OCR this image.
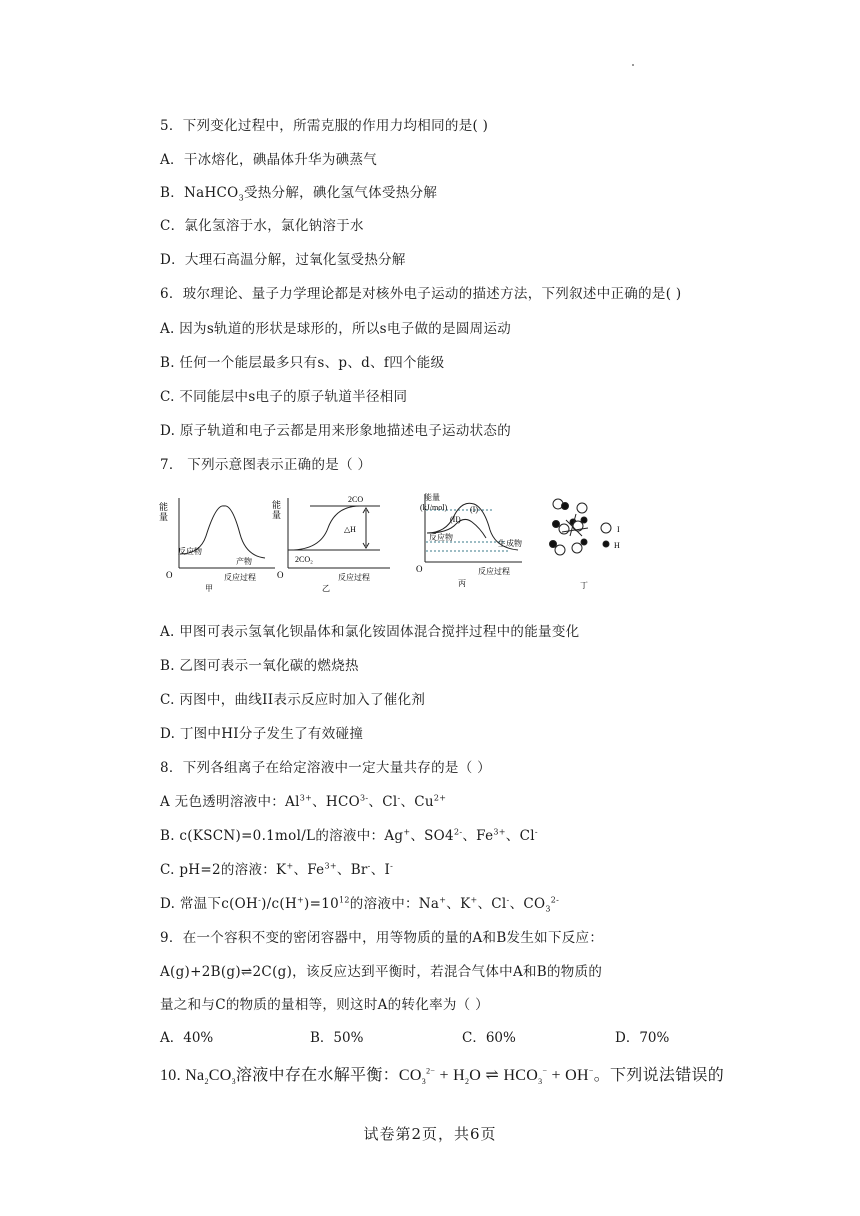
5．下列变化过程中，所需克服的作用力均相同的是( )
A．干冰熔化，碘晶体升华为碘蒸气
B．NaHCO$_3$受热分解，碘化氢气体受热分解
C．氯化氢溶于水，氯化钠溶于水
D．大理石高温分解，过氧化氢受热分解
6．玻尔理论、量子力学理论都是对核外电子运动的描述方法，下列叙述中正确的是( )
A. 因为s轨道的形状是球形的，所以s电子做的是圆周运动
B. 任何一个能层最多只有s、p、d、f四个能级
C. 不同能层中s电子的原子轨道半径相同
D. 原子轨道和电子云都是用来形象地描述电子运动状态的
7． 下列示意图表示正确的是（ ）
能
量
反应物
产物
O	反应过程
甲
能
量
2CO
2CO₂
△H
O	反应过程
乙
能量
(kJ/mol)	(I)
(II)
反应物
生成物
O	反应过程
丙
I
H
丁
A. 甲图可表示氢氧化钡晶体和氯化铵固体混合搅拌过程中的能量变化
B. 乙图可表示一氧化碳的燃烧热
C. 丙图中，曲线II表示反应时加入了催化剂
D. 丁图中HI分子发生了有效碰撞
8．下列各组离子在给定溶液中一定大量共存的是（ ）
A 无色透明溶液中：$Al^{3+}$、$HCO^{3-}$、Cl-、$Cu^{2+}$
B. c(KSCN)=0.1mol/L的溶液中：Ag+、$SO4^{2-}$、$Fe^{3+}$、Cl-
C. pH=2的溶液：K+、$Fe^{3+}$、Br-、I-
D. 常温下$c(OH^-)/c(H^+)=10^{12}$的溶液中：Na+、K+、Cl-、$CO_3^{2-}$
9．在一个容积不变的密闭容器中，用等物质的量的A和B发生如下反应：
A(g)+2B(g)⇌2C(g)，该反应达到平衡时，若混合气体中A和B的物质的
量之和与C的物质的量相等，则这时A的转化率为（ ）
A．40%	B．50%	C．60%	D．70%
10. $Na_2CO_3$溶液中存在水解平衡：$CO_3^{2-} + H_2O$ ⇌ $HCO_3^- + OH^-$。下列说法错误的
试卷第2页，共6页
